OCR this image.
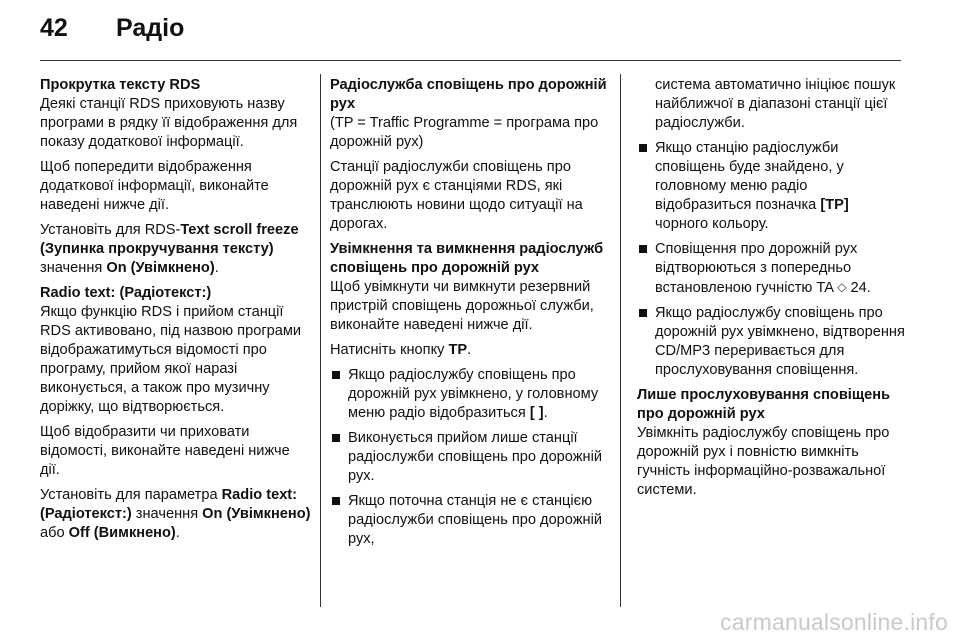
42 Радіо
Прокрутка тексту RDS

Деякі станції RDS приховують назву програми в рядку її відображення для показу додаткової інформації.

Щоб попередити відображення додаткової інформації, виконайте наведені нижче дії.

Установіть для RDS-Text scroll freeze (Зупинка прокручування тексту) значення On (Увімкнено).

Radio text: (Радіотекст:)

Якщо функцію RDS і прийом станції RDS активовано, під назвою програми відображатимуться відомості про програму, прийом якої наразі виконується, а також про музичну доріжку, що відтворюється.

Щоб відобразити чи приховати відомості, виконайте наведені нижче дії.

Установіть для параметра Radio text: (Радіотекст:) значення On (Увімкнено) або Off (Вимкнено).

Радіослужба сповіщень про дорожній рух

(TP = Traffic Programme = програма про дорожній рух)

Станції радіослужби сповіщень про дорожній рух є станціями RDS, які транслюють новини щодо ситуації на дорогах.

Увімкнення та вимкнення радіослужб сповіщень про дорожній рух

Щоб увімкнути чи вимкнути резервний пристрій сповіщень дорожньої служби, виконайте наведені нижче дії.

Натисніть кнопку TP.

Якщо радіослужбу сповіщень про дорожній рух увімкнено, у головному меню радіо відобразиться [ ].
Виконується прийом лише станції радіослужби сповіщень про дорожній рух.
Якщо поточна станція не є станцією радіослужби сповіщень про дорожній рух,
система автоматично ініціює пошук найближчої в діапазоні станції цієї радіослужби.
Якщо станцію радіослужби сповіщень буде знайдено, у головному меню радіо відобразиться позначка [TP] чорного кольору.
Сповіщення про дорожній рух відтворюються з попередньо встановленою гучністю TA ◇ 24.
Якщо радіослужбу сповіщень про дорожній рух увімкнено, відтворення CD/MP3 переривається для прослуховування сповіщення.
Лише прослуховування сповіщень про дорожній рух

Увімкніть радіослужбу сповіщень про дорожній рух і повністю вимкніть гучність інформаційно-розважальної системи.

carmanualsonline.info
